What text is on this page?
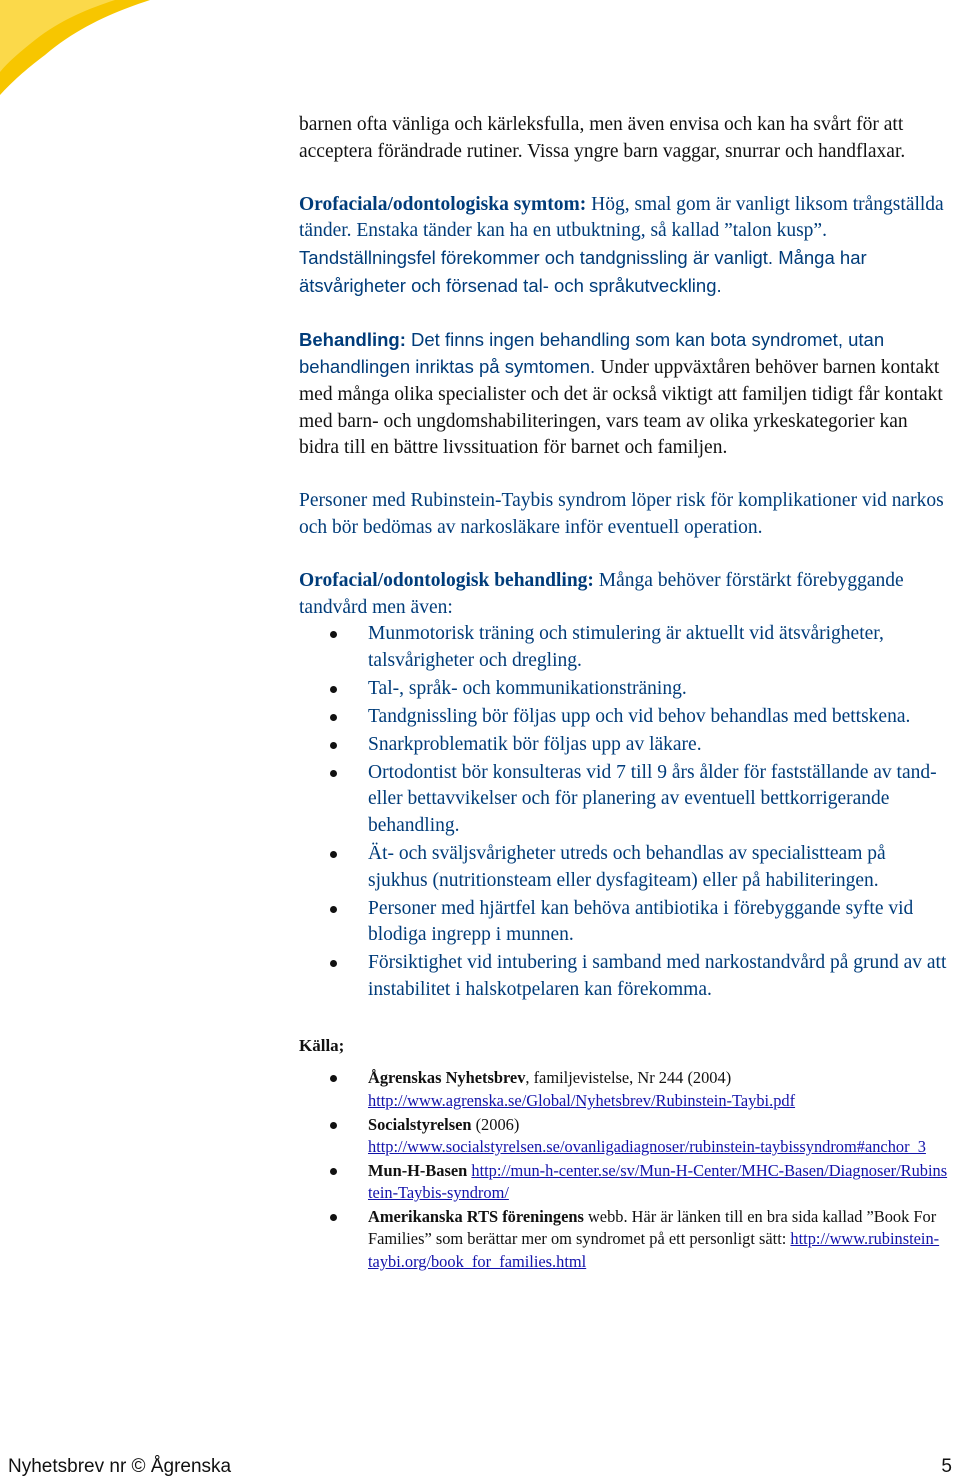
barnen ofta vänliga och kärleksfulla, men även envisa och kan ha svårt för att acceptera förändrade rutiner. Vissa yngre barn vaggar, snurrar och handflaxar.

Orofaciala/odontologiska symtom: Hög, smal gom är vanligt liksom trångställda tänder. Enstaka tänder kan ha en utbuktning, så kallad ”talon kusp”. Tandställningsfel förekommer och tandgnissling är vanligt. Många har ätsvårigheter och försenad tal- och språkutveckling.

Behandling: Det finns ingen behandling som kan bota syndromet, utan behandlingen inriktas på symtomen. Under uppväxtåren behöver barnen kontakt med många olika specialister och det är också viktigt att familjen tidigt får kontakt med barn- och ungdomshabiliteringen, vars team av olika yrkeskategorier kan bidra till en bättre livssituation för barnet och familjen.

Personer med Rubinstein-Taybis syndrom löper risk för komplikationer vid narkos och bör bedömas av narkosläkare inför eventuell operation.

Orofacial/odontologisk behandling: Många behöver förstärkt förebyggande tandvård men även:

Munmotorisk träning och stimulering är aktuellt vid ätsvårigheter, talsvårigheter och dregling.
Tal-, språk- och kommunikationsträning.
Tandgnissling bör följas upp och vid behov behandlas med bettskena.
Snarkproblematik bör följas upp av läkare.
Ortodontist bör konsulteras vid 7 till 9 års ålder för fastställande av tand- eller bettavvikelser och för planering av eventuell bettkorrigerande behandling.
Ät- och sväljsvårigheter utreds och behandlas av specialistteam på sjukhus (nutritionsteam eller dysfagiteam) eller på habiliteringen.
Personer med hjärtfel kan behöva antibiotika i förebyggande syfte vid blodiga ingrepp i munnen.
Försiktighet vid intubering i samband med narkostandvård på grund av att instabilitet i halskotpelaren kan förekomma.
Källa;
Ågrenskas Nyhetsbrev, familjevistelse, Nr 244 (2004)
http://www.agrenska.se/Global/Nyhetsbrev/Rubinstein-Taybi.pdf
Socialstyrelsen (2006)
http://www.socialstyrelsen.se/ovanligadiagnoser/rubinstein-taybissyndrom#anchor_3
Mun-H-Basen http://mun-h-center.se/sv/Mun-H-Center/MHC-Basen/Diagnoser/Rubinstein-Taybis-syndrom/
Amerikanska RTS föreningens webb. Här är länken till en bra sida kallad ”Book For Families” som berättar mer om syndromet på ett personligt sätt: http://www.rubinstein-taybi.org/book_for_families.html
Nyhetsbrev nr © Ågrenska	5
